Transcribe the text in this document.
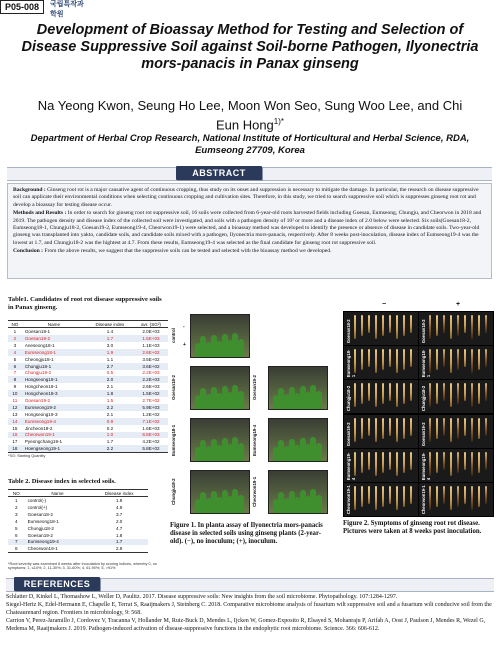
P05-008	국립특작과학원
Development of Bioassay Method for Testing and Selection of Disease Suppressive Soil against Soil-borne Pathogen, Ilyonectria mors-panacis in Panax ginseng
Na Yeong Kwon, Seung Ho Lee, Moon Won Seo, Sung Woo Lee, and Chi Eun Hong$^{1)*}$
Department of Herbal Crop Research, National Institute of Horticultural and Herbal Science, RDA, Eumseong 27709, Korea
ABSTRACT

Background : Ginseng root rot is a major causative agent of continuous cropping, thus study on its onset and suppression is necessary to mitigate the damage. In particular, the research on disease suppressive soil can applicate their environmental conditions when selecting continuous cropping and cultivation sites. Therefore, in this study, we tried to search suppressive soil which is suppresses ginseng root rot and develop a bioassay for testing disease occur.

Methods and Results : In order to search for ginseng root rot suppressive soil, 16 soils were collected from 6-year-old roots harvested fields including Goesan, Eumseong, Chungju, and Cheorwon in 2018 and 2019. The pathogen density and disease index of the collected soil were investigated, and soils with a pathogen density of 10² or more and a disease index of 2.0 below were selected. Six soils(Goesan18-2, Eumseong18-1, Chungju18-2, Goesan19-2, Eumseong19-4, Cheorwon19-1) were selected, and a bioassay method was developed to identify the presence or absence of disease in candidate soils. Two-year-old ginseng was transplanted into yakto, candidate soils, and candidate soils mixed with a pathogen, Ilyonectria mors-panacis, respectively. After 8 weeks post-inoculation, disease index of Eumseong19-4 was the lowest at 1.7, and Chungju18-2 was the hightest at 4.7. From these results, Eumseong19-4 was selected as the final candidate for ginseng root rot suppressive soil.

Conclusion : From the above results, we suggest that the suppressive soils can be tested and selected with the bioassay method we developed.

Table1. Candidates of root rot disease suppressive soils in Panax ginseng.
NO	Name	Disease index	avr. (SG²)
1	Goesan18-1	1.4	2.0E+03
2	Goesan18-2	1.7	1.5E+03
3	Aneseong18-1	3.0	1.1E+03
4	Eumseong18-1	1.9	2.6E+02
5	Cheongju18-1	1.1	3.5E+02
6	Chungju18-1	2.7	3.6E+02
7	Chungju18-2	0.5	2.2E+03
8	Hongseong18-1	2.0	2.2E+03
9	Hongcheon18-1	2.1	2.6E+03
10	Hongcheon18-3	1.8	1.5E+02
11	Goesan19-2	1.5	2.7E+02
12	Eumseong19-2	2.2	5.9E+03
13	Hongseong19-3	2.1	1.2E+02
14	Eumseong19-4	0.9	7.1E+02
15	Jincheon19-2	0.2	1.6E+03
16	Cheorwon19-1	1.0	6.8E+03
17	Pyeongchang19-1	1.7	4.2E+02
18	Hoengseong19-1	2.2	5.8E+02
*SG: Starting Quantity
Table 2. Disease index in selected soils.
NO	Name	Disease index
1	control(-)	1.8
2	control(+)	4.9
3	Goesan18-2	3.7
4	Eumseong18-1	2.0
5	Chungju18-2	4.7
6	Goesan19-2	1.8
7	Eumseong19-4	1.7
8	Cheorwon19-1	2.9
*Root severity was examined 8 weeks after inoculation by scoring indices, whereby 0, no symptoms; 1, ≤10%; 2, 11-30%; 3, 31-60%; 4, 61-90%; 5, >91%
control
Goesan18-2
Eumseong18-1
Chungju18-2
Goesan19-2
Eumseong19-4
Cheorwon19-1
-
+
Figure 1. In planta assay of Ilyonectria mors-panacis disease in selected soils using ginseng plants (2-year-old). (−), no inoculum; (+), inoculum.
−	+
Goesan18-2	Goesan18-2
Eumseong18-1	Eumseong18-1
Chungju18-2	Chungju18-2
Goesan19-2	Goesan19-2
Eumseong19-4	Eumseong19-4
Cheorwon19-1	Cheorwon19-1
Figure 2. Symptoms of ginseng root rot disease. Pictures were taken at 8 weeks post inoculation.
REFERENCES

Schlatter D, Kinkel L, Thomashow L, Weller D, Paulitz. 2017. Disease suppressive soils: New insights from the soil microbiome. Phytopathology. 107:1284-1297.

Siegel-Hertz K, Edel-Hermann E, Chapelle E, Terrat S, Raaijmakers J, Steinberg C. 2018. Comparative microbiome analysis of fusarium wilt suppressive soil and a fusarium wilt conducive soil from the Chateaurenard region. Frontiers in microbiology, 9: 568.

Carrion V, Perez-Jaramillo J, Cordovez V, Tracanna V, Hollander M, Ruiz-Buck D, Mendes L, Ijcken W, Gomez-Exposito R, Elsayed S, Mohanraju P, Arifah A, Oost J, Paulson J, Mendes R, Wezel G, Medema M, Raaijmakers J. 2019. Pathogen-induced activation of disease-suppressive functions in the endophytic root microbiome. Science. 366: 606-612.
